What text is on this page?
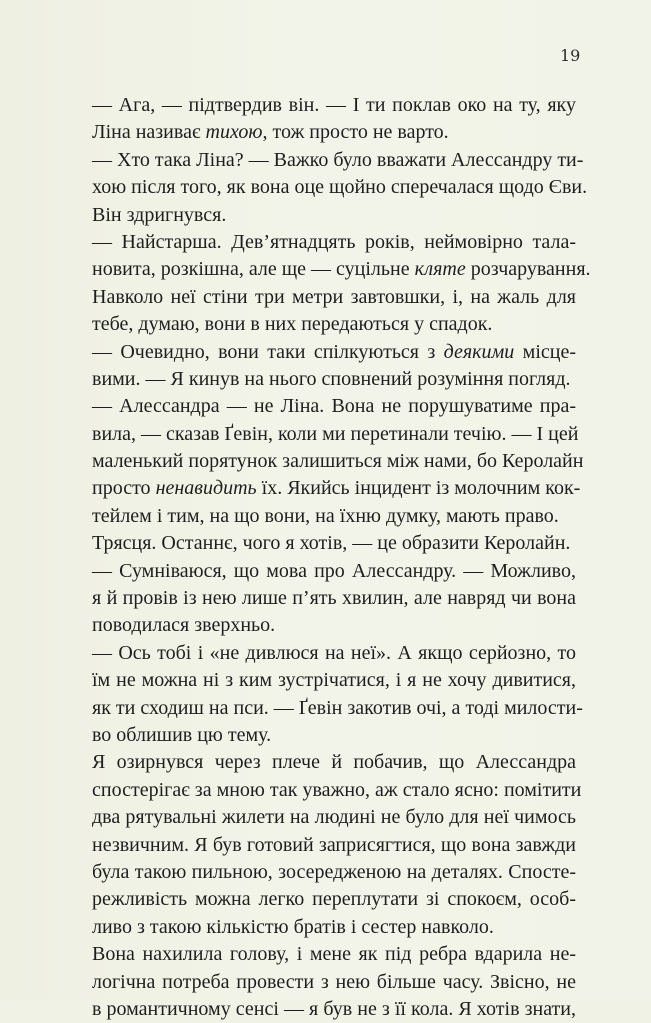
19
— Ага, — підтвердив він. — І ти поклав око на ту, яку
Ліна називає тихою, тож просто не варто.
— Хто така Ліна? — Важко було вважати Алессандру ти-
хою після того, як вона оце щойно сперечалася щодо Єви.
Він здригнувся.
— Найстарша. Дев’ятнадцять років, неймовірно тала-
новита, розкішна, але ще — суцільне кляте розчарування.
Навколо неї стіни три метри завтовшки, і, на жаль для
тебе, думаю, вони в них передаються у спадок.
— Очевидно, вони таки спілкуються з деякими місце-
вими. — Я кинув на нього сповнений розуміння погляд.
— Алессандра — не Ліна. Вона не порушуватиме пра-
вила, — сказав Ґевін, коли ми перетинали течію. — І цей
маленький порятунок залишиться між нами, бо Керолайн
просто ненавидить їх. Якийсь інцидент із молочним кок-
тейлем і тим, на що вони, на їхню думку, мають право.
Трясця. Останнє, чого я хотів, — це образити Керолайн.
— Сумніваюся, що мова про Алессандру. — Можливо,
я й провів із нею лише п’ять хвилин, але навряд чи вона
поводилася зверхньо.
— Ось тобі і «не дивлюся на неї». А якщо серйозно, то
їм не можна ні з ким зустрічатися, і я не хочу дивитися,
як ти сходиш на пси. — Ґевін закотив очі, а тоді милости-
во облишив цю тему.
Я озирнувся через плече й побачив, що Алессандра
спостерігає за мною так уважно, аж стало ясно: помітити
два рятувальні жилети на людині не було для неї чимось
незвичним. Я був готовий заприсягтися, що вона завжди
була такою пильною, зосередженою на деталях. Спосте-
режливість можна легко переплутати зі спокоєм, особ-
ливо з такою кількістю братів і сестер навколо.
Вона нахилила голову, і мене як під ребра вдарила не-
логічна потреба провести з нею більше часу. Звісно, не
в романтичному сенсі — я був не з її кола. Я хотів знати,
